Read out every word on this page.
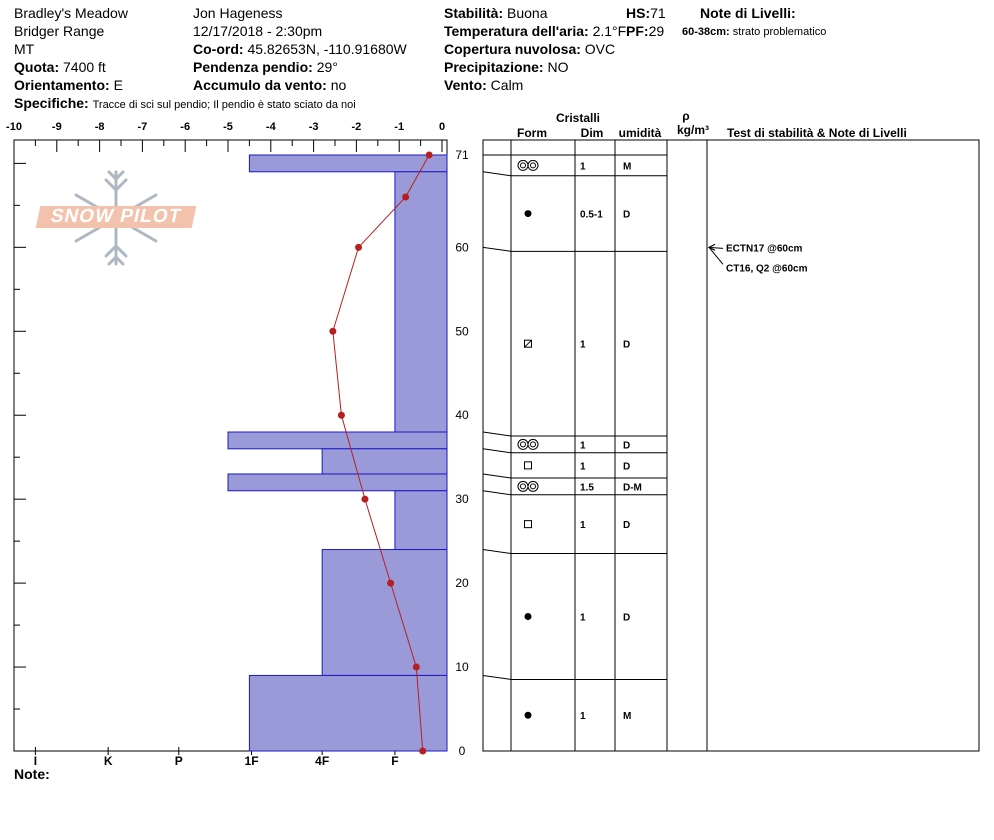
Bradley's Meadow
Bridger Range
MT
Quota: 7400 ft
Orientamento: E
Specifiche: Tracce di sci sul pendio; Il pendio è stato sciato da noi
Jon Hageness
12/17/2018 - 2:30pm
Co-ord: 45.82653N, -110.91680W
Pendenza pendio: 29°
Accumulo da vento: no
Stabilità: Buona
Temperatura dell'aria: 2.1°F
Copertura nuvolosa: OVC
Precipitazione: NO
Vento: Calm
HS:71
PF:29
Note di Livelli:
60-38cm: strato problematico
Note:
-10	-9	-8	-7	-6	-5	-4	-3	-2	-1	0
0
10
20
30
40
50
60
71
I	K	P	1F	4F	F
Cristalli
Form	Dim umidità
ρ
kg/m³ Test di stabilità & Note di Livelli
1	M
0.5-1 D
1	D
1	D
1	D
1.5	D-M
1	D
1	D
1	M
ECTN17 @60cm
CT16, Q2 @60cm
SNOW PILOT
